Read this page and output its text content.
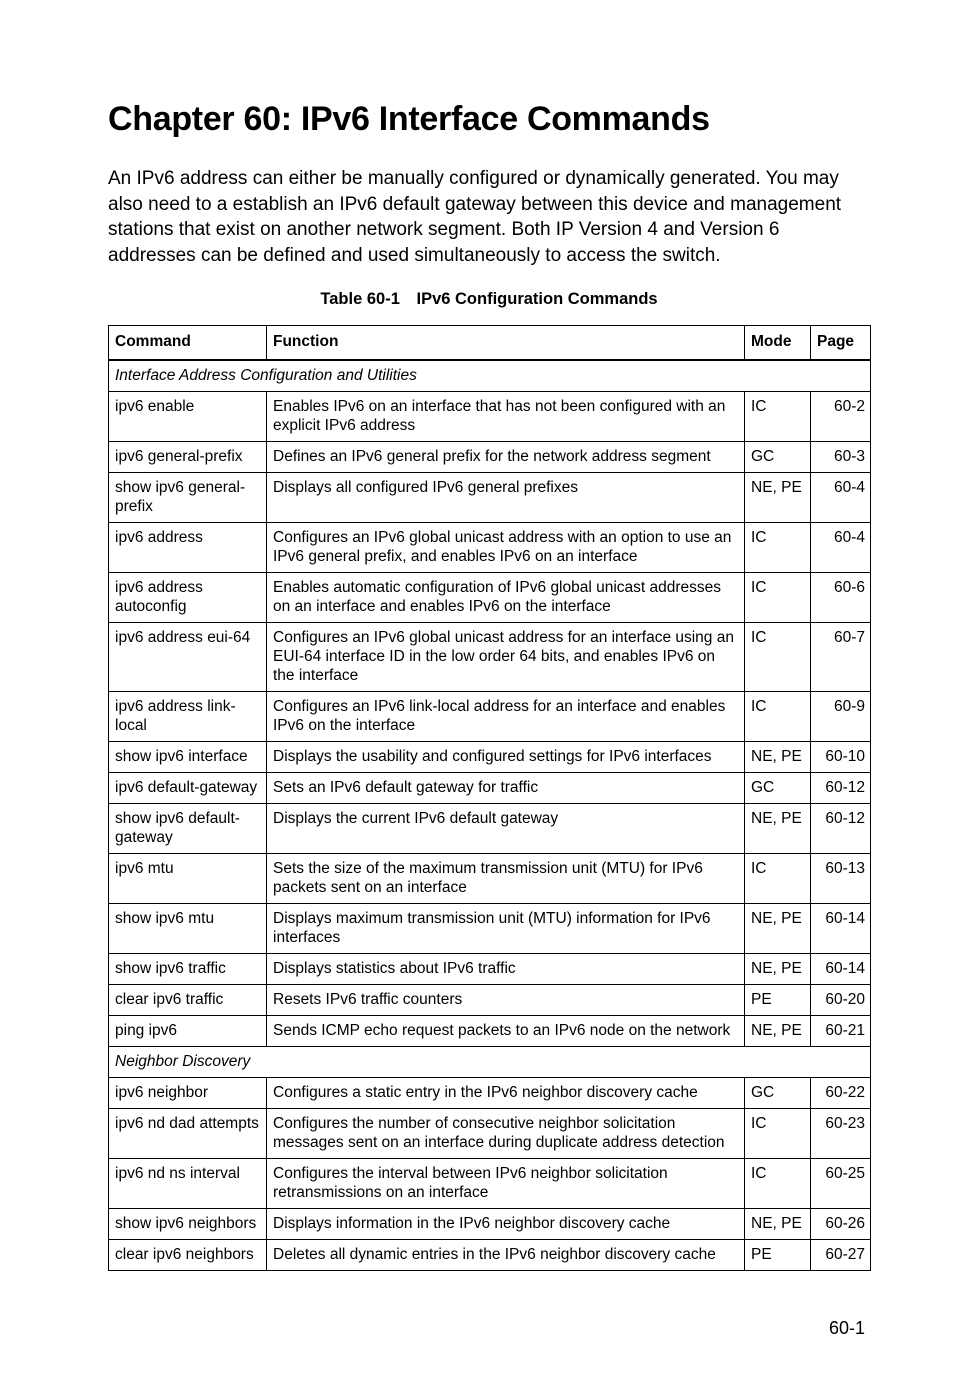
Chapter 60: IPv6 Interface Commands

An IPv6 address can either be manually configured or dynamically generated. You may also need to a establish an IPv6 default gateway between this device and management stations that exist on another network segment. Both IP Version 4 and Version 6 addresses can be defined and used simultaneously to access the switch.

Table 60-1 IPv6 Configuration Commands
Command	Function	Mode	Page
Interface Address Configuration and Utilities			
ipv6 enable	Enables IPv6 on an interface that has not been configured with an explicit IPv6 address	IC	60-2
ipv6 general-prefix	Defines an IPv6 general prefix for the network address segment	GC	60-3
show ipv6 general-prefix	Displays all configured IPv6 general prefixes	NE, PE	60-4
ipv6 address	Configures an IPv6 global unicast address with an option to use an IPv6 general prefix, and enables IPv6 on an interface	IC	60-4
ipv6 address autoconfig	Enables automatic configuration of IPv6 global unicast addresses on an interface and enables IPv6 on the interface	IC	60-6
ipv6 address eui-64	Configures an IPv6 global unicast address for an interface using an EUI-64 interface ID in the low order 64 bits, and enables IPv6 on the interface	IC	60-7
ipv6 address link-local	Configures an IPv6 link-local address for an interface and enables IPv6 on the interface	IC	60-9
show ipv6 interface	Displays the usability and configured settings for IPv6 interfaces	NE, PE	60-10
ipv6 default-gateway	Sets an IPv6 default gateway for traffic	GC	60-12
show ipv6 default-gateway	Displays the current IPv6 default gateway	NE, PE	60-12
ipv6 mtu	Sets the size of the maximum transmission unit (MTU) for IPv6 packets sent on an interface	IC	60-13
show ipv6 mtu	Displays maximum transmission unit (MTU) information for IPv6 interfaces	NE, PE	60-14
show ipv6 traffic	Displays statistics about IPv6 traffic	NE, PE	60-14
clear ipv6 traffic	Resets IPv6 traffic counters	PE	60-20
ping ipv6	Sends ICMP echo request packets to an IPv6 node on the network	NE, PE	60-21
Neighbor Discovery			
ipv6 neighbor	Configures a static entry in the IPv6 neighbor discovery cache	GC	60-22
ipv6 nd dad attempts	Configures the number of consecutive neighbor solicitation messages sent on an interface during duplicate address detection	IC	60-23
ipv6 nd ns interval	Configures the interval between IPv6 neighbor solicitation retransmissions on an interface	IC	60-25
show ipv6 neighbors	Displays information in the IPv6 neighbor discovery cache	NE, PE	60-26
clear ipv6 neighbors	Deletes all dynamic entries in the IPv6 neighbor discovery cache	PE	60-27
60-1
